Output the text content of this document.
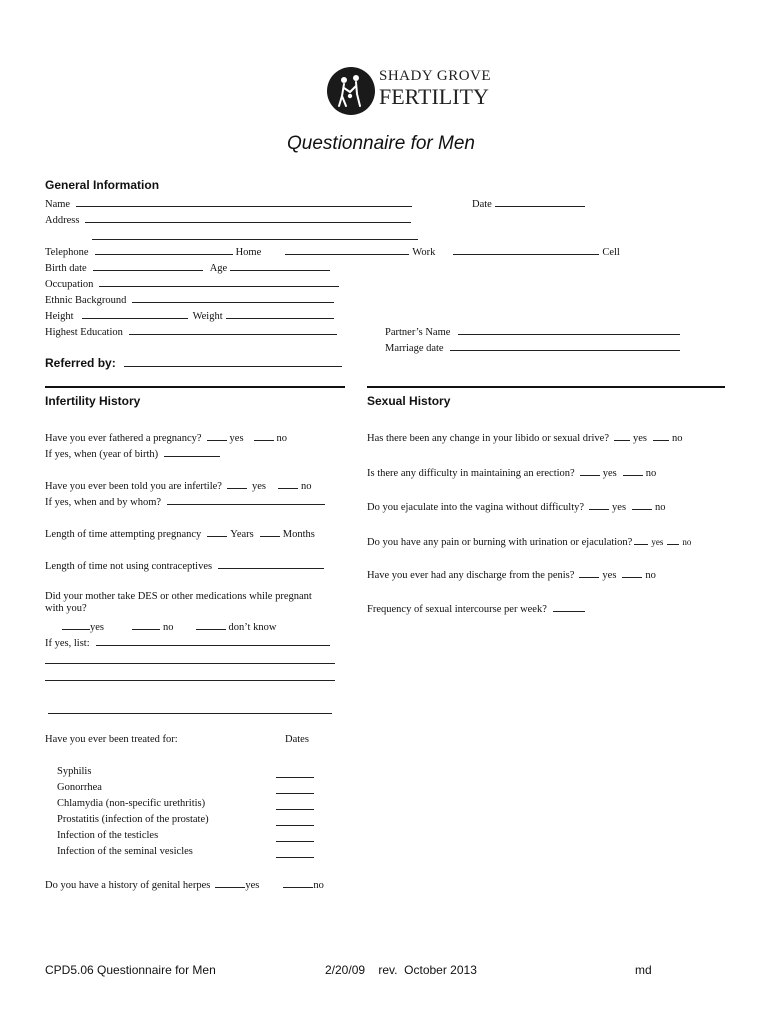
SHADY GROVE
FERTILITY
Questionnaire for Men
General Information
Name	Date
Address
Telephone	Home	Work	Cell
Birth date	Age
Occupation
Ethnic Background
Height	Weight
Highest Education	Partner’s Name
Marriage date
Referred by:
Infertility History
Have you ever fathered a pregnancy?	yes	no
If yes, when (year of birth)
Have you ever been told you are infertile?	yes	no
If yes, when and by whom?
Length of time attempting pregnancy	Years	Months
Length of time not using contraceptives
Did your mother take DES or other medications while pregnant
with you?
yes	no	don’t know
If yes, list:
Have you ever been treated for:	Dates
Syphilis
Gonorrhea
Chlamydia (non-specific urethritis)
Prostatitis (infection of the prostate)
Infection of the testicles
Infection of the seminal vesicles
Do you have a history of genital herpes	yes	no
Sexual History
Has there been any change in your libido or sexual drive? yes no
Is there any difficulty in maintaining an erection?	yes	no
Do you ejaculate into the vagina without difficulty?	yes	no
Do you have any pain or burning with urination or ejaculation? yes no
Have you ever had any discharge from the penis?	yes	no
Frequency of sexual intercourse per week?
CPD5.06 Questionnaire for Men	2/20/09    rev.  October 2013	md
